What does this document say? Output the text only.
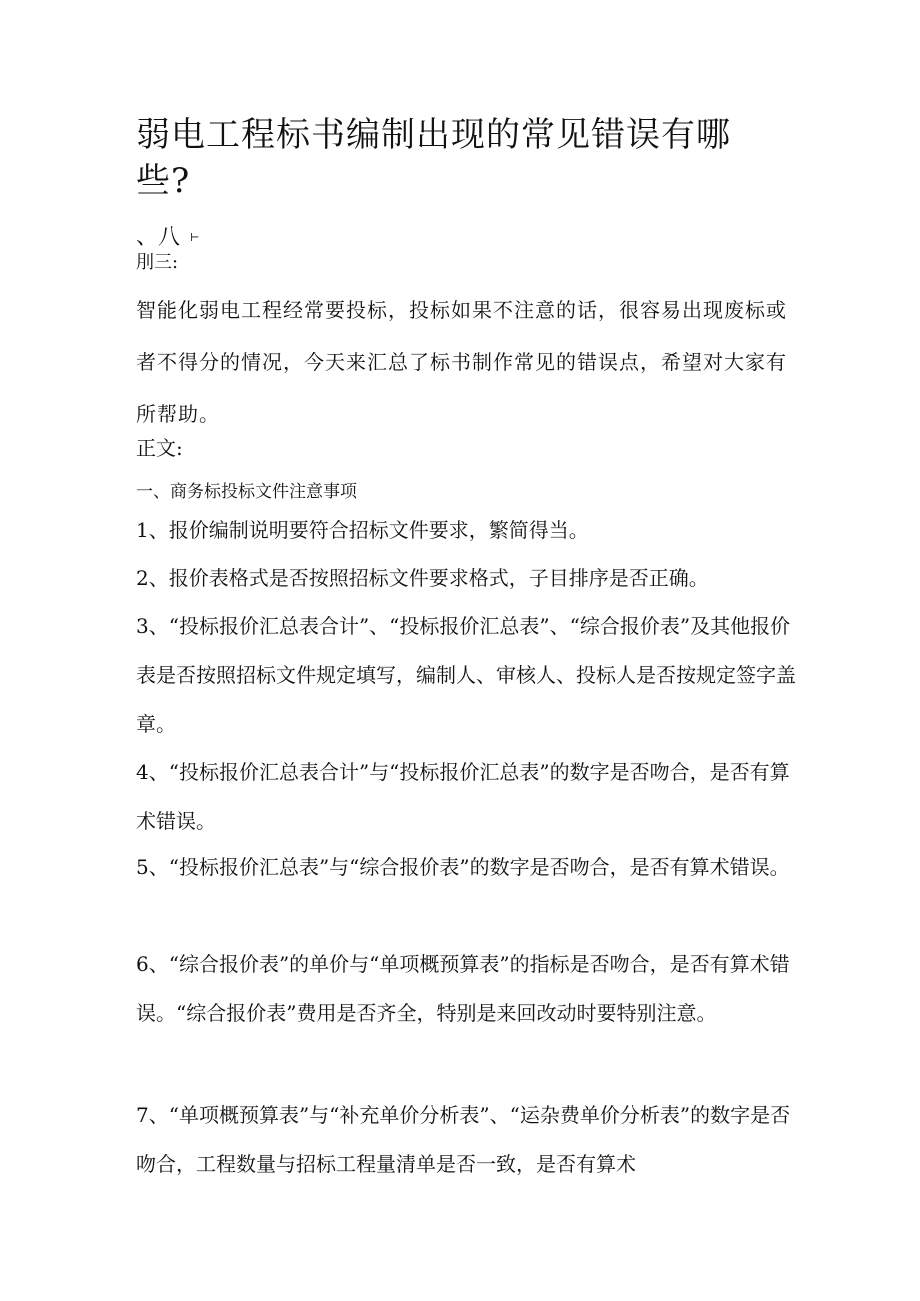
弱电工程标书编制出现的常见错误有哪些?

、八 ⊢

刖三:

智能化弱电工程经常要投标，投标如果不注意的话，很容易出现废标或者不得分的情况，今天来汇总了标书制作常见的错误点，希望对大家有所帮助。

正文:

一、商务标投标文件注意事项

1、报价编制说明要符合招标文件要求，繁简得当。

2、报价表格式是否按照招标文件要求格式，子目排序是否正确。

3、“投标报价汇总表合计”、“投标报价汇总表”、“综合报价表”及其他报价表是否按照招标文件规定填写，编制人、审核人、投标人是否按规定签字盖章。

4、“投标报价汇总表合计”与“投标报价汇总表”的数字是否吻合，是否有算术错误。

5、“投标报价汇总表”与“综合报价表”的数字是否吻合，是否有算术错误。

6、“综合报价表”的单价与“单项概预算表”的指标是否吻合，是否有算术错误。“综合报价表”费用是否齐全，特别是来回改动时要特别注意。

7、“单项概预算表”与“补充单价分析表”、“运杂费单价分析表”的数字是否吻合，工程数量与招标工程量清单是否一致，是否有算术
